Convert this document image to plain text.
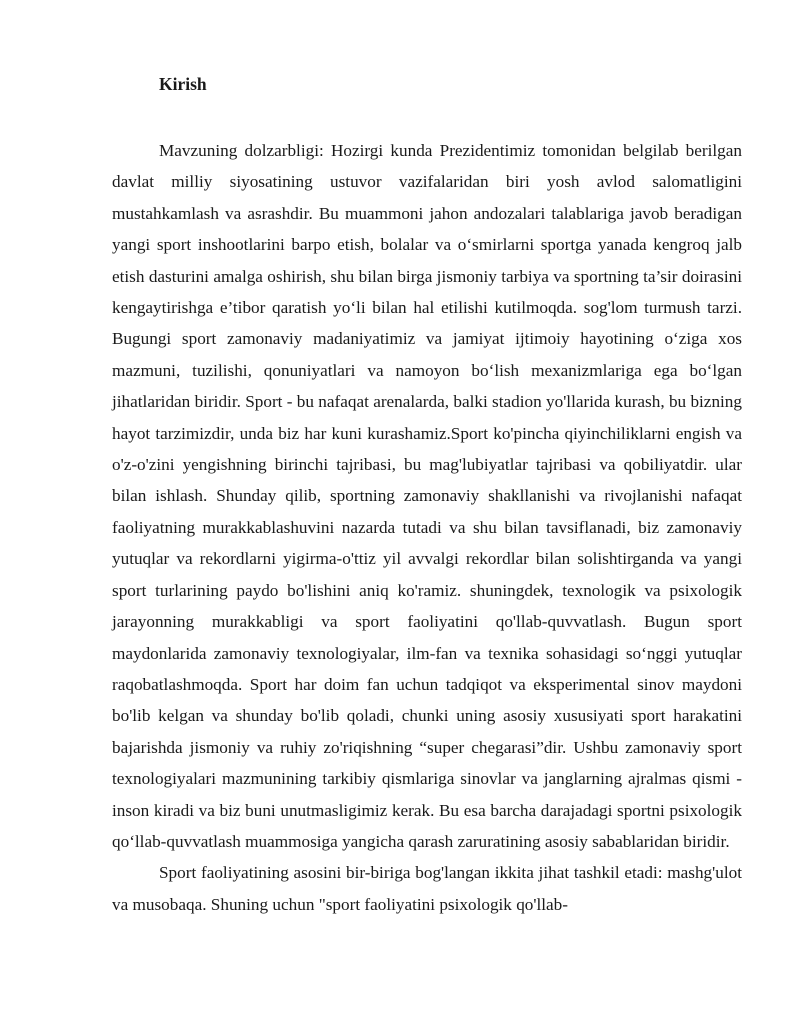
Kirish

Mavzuning dolzarbligi: Hozirgi kunda Prezidentimiz tomonidan belgilab berilgan davlat milliy siyosatining ustuvor vazifalaridan biri yosh avlod salomatligini mustahkamlash va asrashdir. Bu muammoni jahon andozalari talablariga javob beradigan yangi sport inshootlarini barpo etish, bolalar va o‘smirlarni sportga yanada kengroq jalb etish dasturini amalga oshirish, shu bilan birga jismoniy tarbiya va sportning ta’sir doirasini kengaytirishga e’tibor qaratish yo‘li bilan hal etilishi kutilmoqda. sog'lom turmush tarzi. Bugungi sport zamonaviy madaniyatimiz va jamiyat ijtimoiy hayotining o‘ziga xos mazmuni, tuzilishi, qonuniyatlari va namoyon bo‘lish mexanizmlariga ega bo‘lgan jihatlaridan biridir. Sport - bu nafaqat arenalarda, balki stadion yo'llarida kurash, bu bizning hayot tarzimizdir, unda biz har kuni kurashamiz.Sport ko'pincha qiyinchiliklarni engish va o'z-o'zini yengishning birinchi tajribasi, bu mag'lubiyatlar tajribasi va qobiliyatdir. ular bilan ishlash. Shunday qilib, sportning zamonaviy shakllanishi va rivojlanishi nafaqat faoliyatning murakkablashuvini nazarda tutadi va shu bilan tavsiflanadi, biz zamonaviy yutuqlar va rekordlarni yigirma-o'ttiz yil avvalgi rekordlar bilan solishtirganda va yangi sport turlarining paydo bo'lishini aniq ko'ramiz. shuningdek, texnologik va psixologik jarayonning murakkabligi va sport faoliyatini qo'llab-quvvatlash. Bugun sport maydonlarida zamonaviy texnologiyalar, ilm-fan va texnika sohasidagi so‘nggi yutuqlar raqobatlashmoqda. Sport har doim fan uchun tadqiqot va eksperimental sinov maydoni bo'lib kelgan va shunday bo'lib qoladi, chunki uning asosiy xususiyati sport harakatini bajarishda jismoniy va ruhiy zo'riqishning “super chegarasi”dir. Ushbu zamonaviy sport texnologiyalari mazmunining tarkibiy qismlariga sinovlar va janglarning ajralmas qismi - inson kiradi va biz buni unutmasligimiz kerak. Bu esa barcha darajadagi sportni psixologik qo‘llab-quvvatlash muammosiga yangicha qarash zaruratining asosiy sabablaridan biridir.

Sport faoliyatining asosini bir-biriga bog'langan ikkita jihat tashkil etadi: mashg'ulot va musobaqa. Shuning uchun "sport faoliyatini psixologik qo'llab-
